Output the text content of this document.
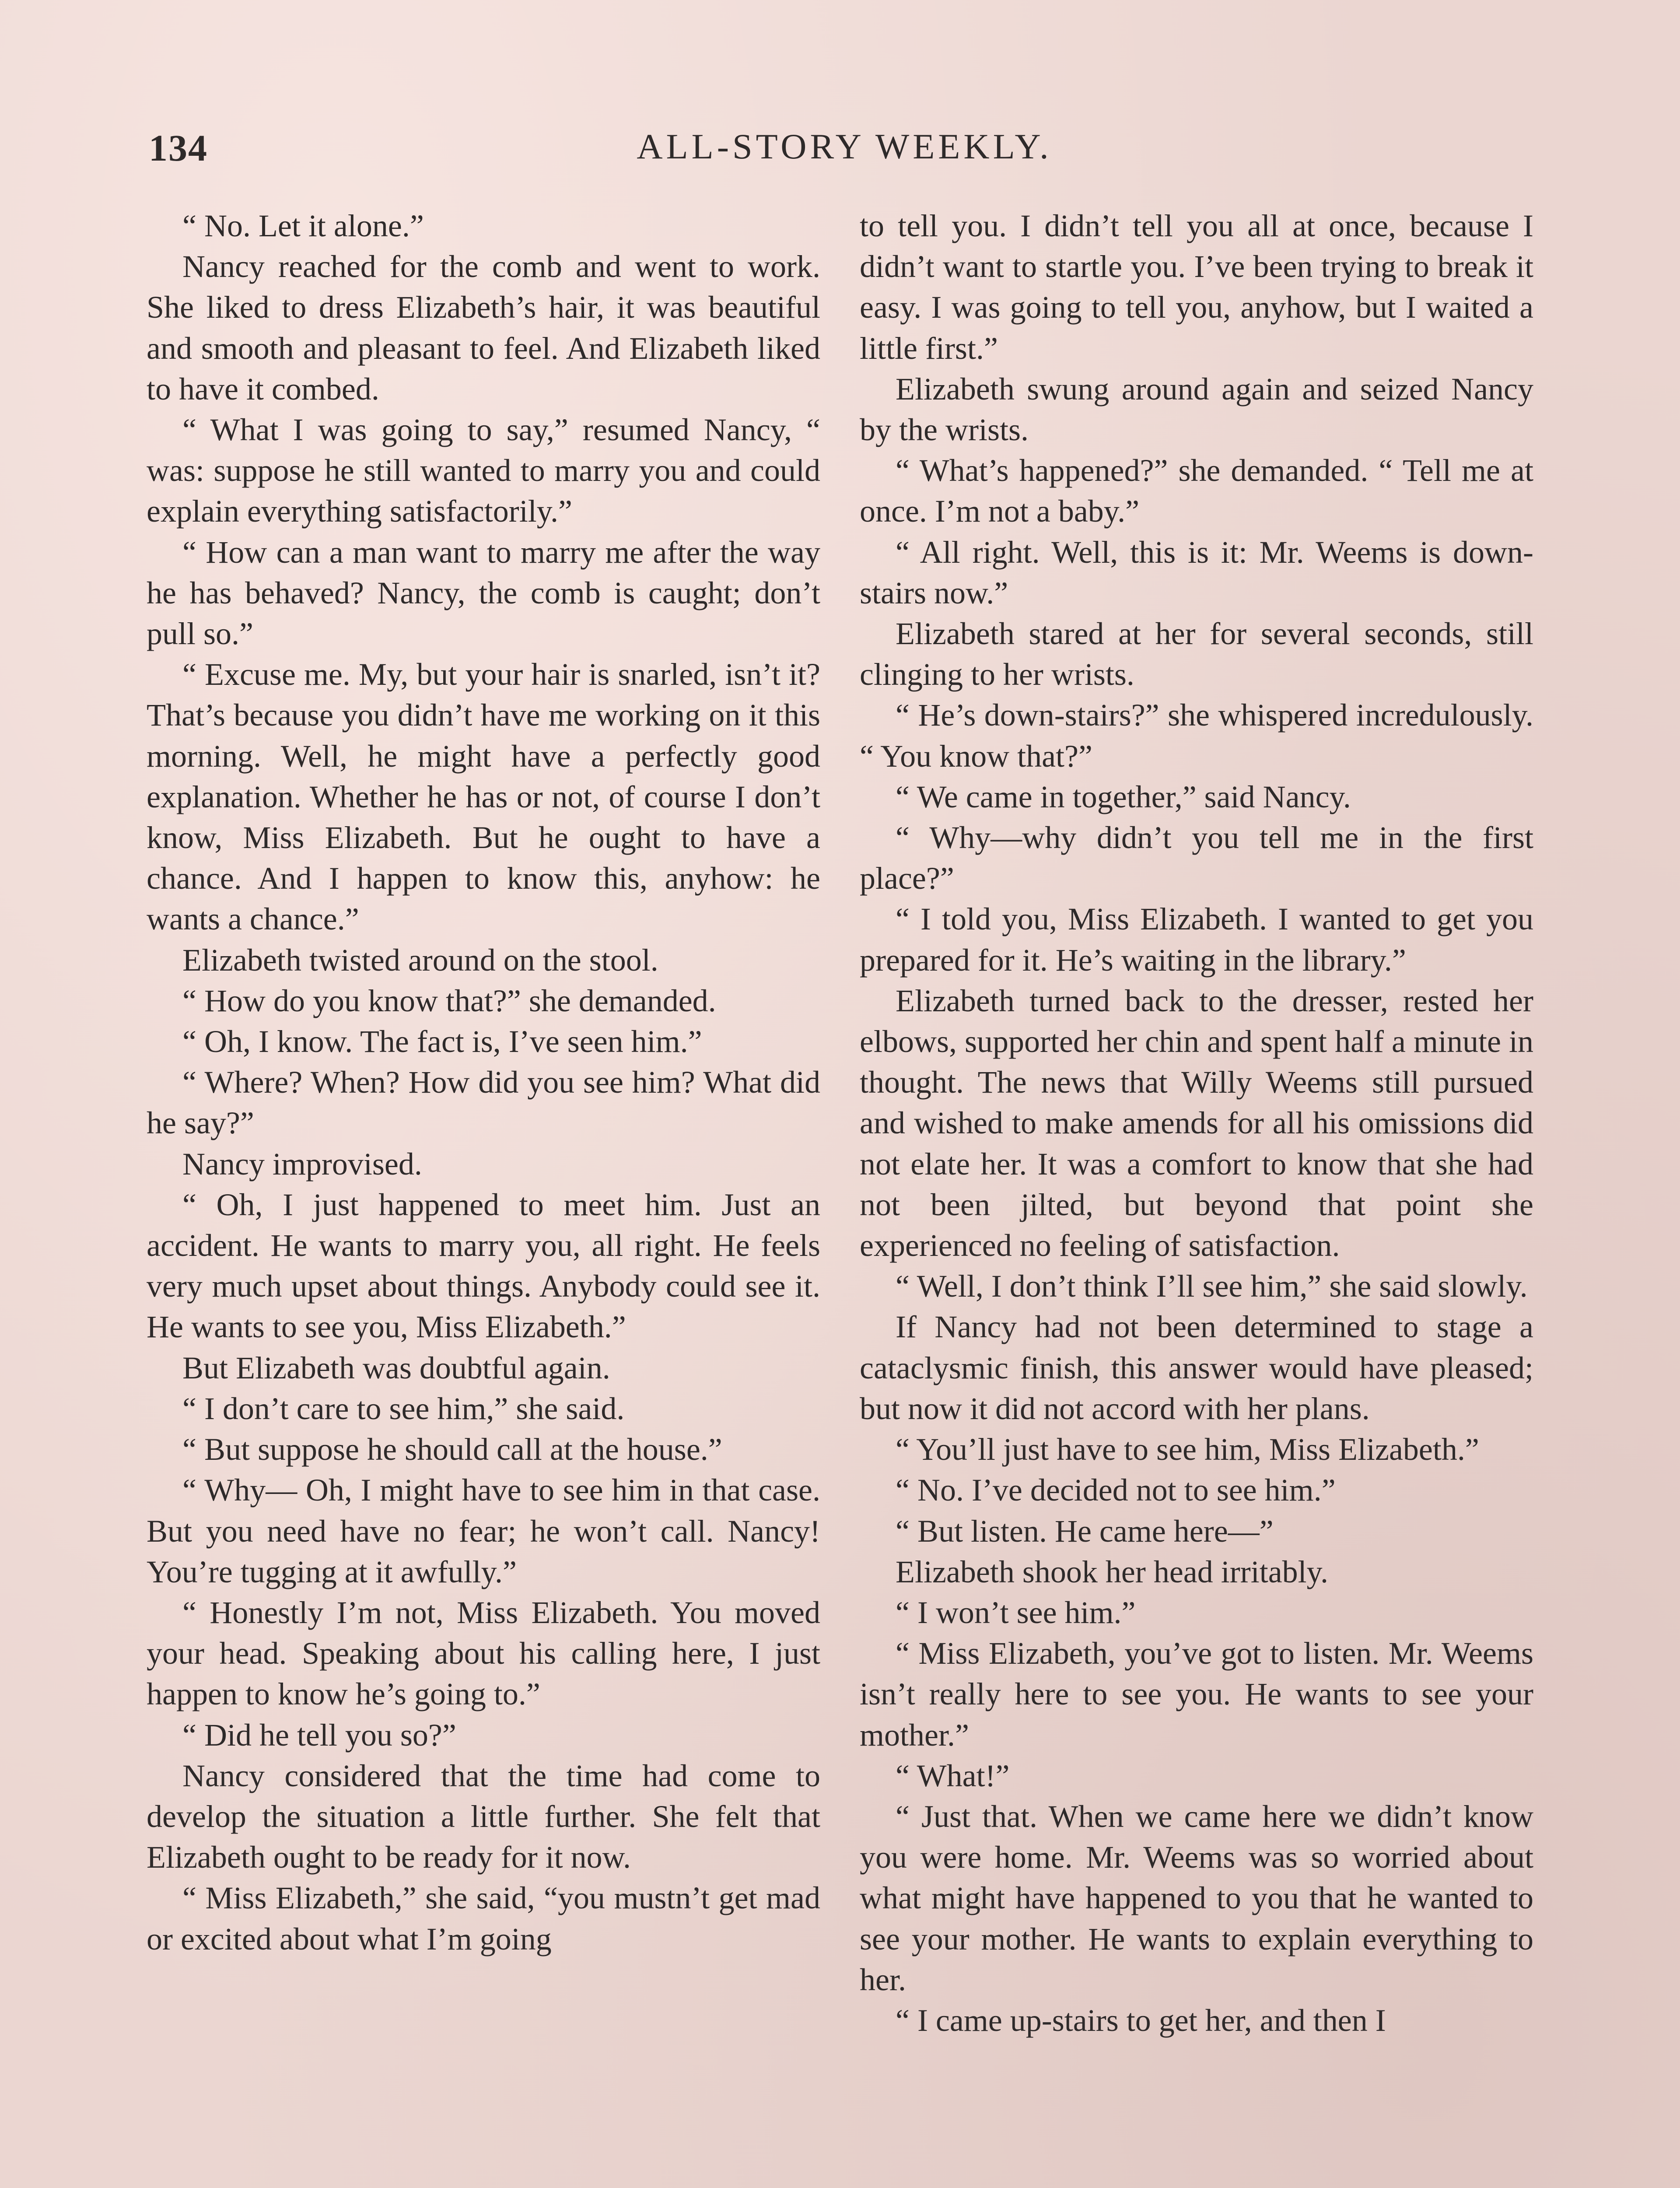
134	ALL-STORY WEEKLY.

“ No. Let it alone.”

Nancy reached for the comb and went to work. She liked to dress Elizabeth’s hair, it was beautiful and smooth and pleasant to feel. And Elizabeth liked to have it combed.

“ What I was going to say,” resumed Nancy, “ was: suppose he still wanted to marry you and could explain everything satisfactorily.”

“ How can a man want to marry me after the way he has behaved? Nancy, the comb is caught; don’t pull so.”

“ Excuse me. My, but your hair is snarled, isn’t it? That’s because you didn’t have me working on it this morning. Well, he might have a perfectly good explanation. Whether he has or not, of course I don’t know, Miss Elizabeth. But he ought to have a chance. And I happen to know this, anyhow: he wants a chance.”

Elizabeth twisted around on the stool.

“ How do you know that?” she demanded.

“ Oh, I know. The fact is, I’ve seen him.”

“ Where? When? How did you see him? What did he say?”

Nancy improvised.

“ Oh, I just happened to meet him. Just an accident. He wants to marry you, all right. He feels very much upset about things. Anybody could see it. He wants to see you, Miss Elizabeth.”

But Elizabeth was doubtful again.

“ I don’t care to see him,” she said.

“ But suppose he should call at the house.”

“ Why— Oh, I might have to see him in that case. But you need have no fear; he won’t call. Nancy! You’re tugging at it awfully.”

“ Honestly I’m not, Miss Elizabeth. You moved your head. Speaking about his calling here, I just happen to know he’s going to.”

“ Did he tell you so?”

Nancy considered that the time had come to develop the situation a little further. She felt that Elizabeth ought to be ready for it now.

“ Miss Elizabeth,” she said, “you mustn’t get mad or excited about what I’m going

to tell you. I didn’t tell you all at once, because I didn’t want to startle you. I’ve been trying to break it easy. I was going to tell you, anyhow, but I waited a little first.”

Elizabeth swung around again and seized Nancy by the wrists.

“ What’s happened?” she demanded. “ Tell me at once. I’m not a baby.”

“ All right. Well, this is it: Mr. Weems is down-stairs now.”

Elizabeth stared at her for several seconds, still clinging to her wrists.

“ He’s down-stairs?” she whispered incredulously. “ You know that?”

“ We came in together,” said Nancy.

“ Why—why didn’t you tell me in the first place?”

“ I told you, Miss Elizabeth. I wanted to get you prepared for it. He’s waiting in the library.”

Elizabeth turned back to the dresser, rested her elbows, supported her chin and spent half a minute in thought. The news that Willy Weems still pursued and wished to make amends for all his omissions did not elate her. It was a comfort to know that she had not been jilted, but beyond that point she experienced no feeling of satisfaction.

“ Well, I don’t think I’ll see him,” she said slowly.

If Nancy had not been determined to stage a cataclysmic finish, this answer would have pleased; but now it did not accord with her plans.

“ You’ll just have to see him, Miss Elizabeth.”

“ No. I’ve decided not to see him.”

“ But listen. He came here—”

Elizabeth shook her head irritably.

“ I won’t see him.”

“ Miss Elizabeth, you’ve got to listen. Mr. Weems isn’t really here to see you. He wants to see your mother.”

“ What!”

“ Just that. When we came here we didn’t know you were home. Mr. Weems was so worried about what might have happened to you that he wanted to see your mother. He wants to explain everything to her.

“ I came up-stairs to get her, and then I
